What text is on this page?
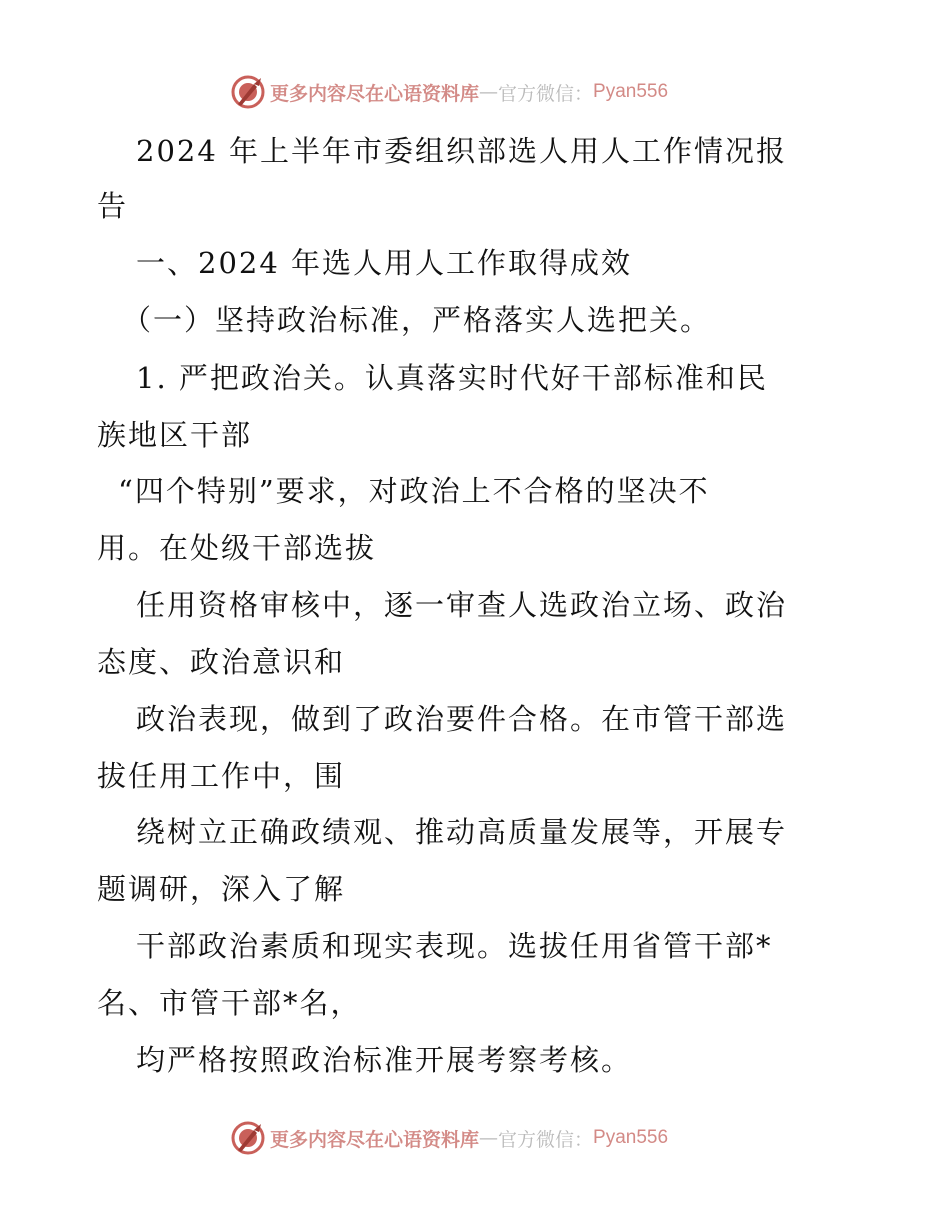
更多内容尽在心语资料库 — 官方微信： Pyan556

2024 年上半年市委组织部选人用人工作情况报

告

一、2024 年选人用人工作取得成效

（一）坚持政治标准，严格落实人选把关。

1. 严把政治关。认真落实时代好干部标准和民

族地区干部

“四个特别”要求，对政治上不合格的坚决不

用。在处级干部选拔

任用资格审核中，逐一审查人选政治立场、政治

态度、政治意识和

政治表现，做到了政治要件合格。在市管干部选

拔任用工作中，围

绕树立正确政绩观、推动高质量发展等，开展专

题调研，深入了解

干部政治素质和现实表现。选拔任用省管干部*

名、市管干部*名，

均严格按照政治标准开展考察考核。

更多内容尽在心语资料库 — 官方微信： Pyan556
